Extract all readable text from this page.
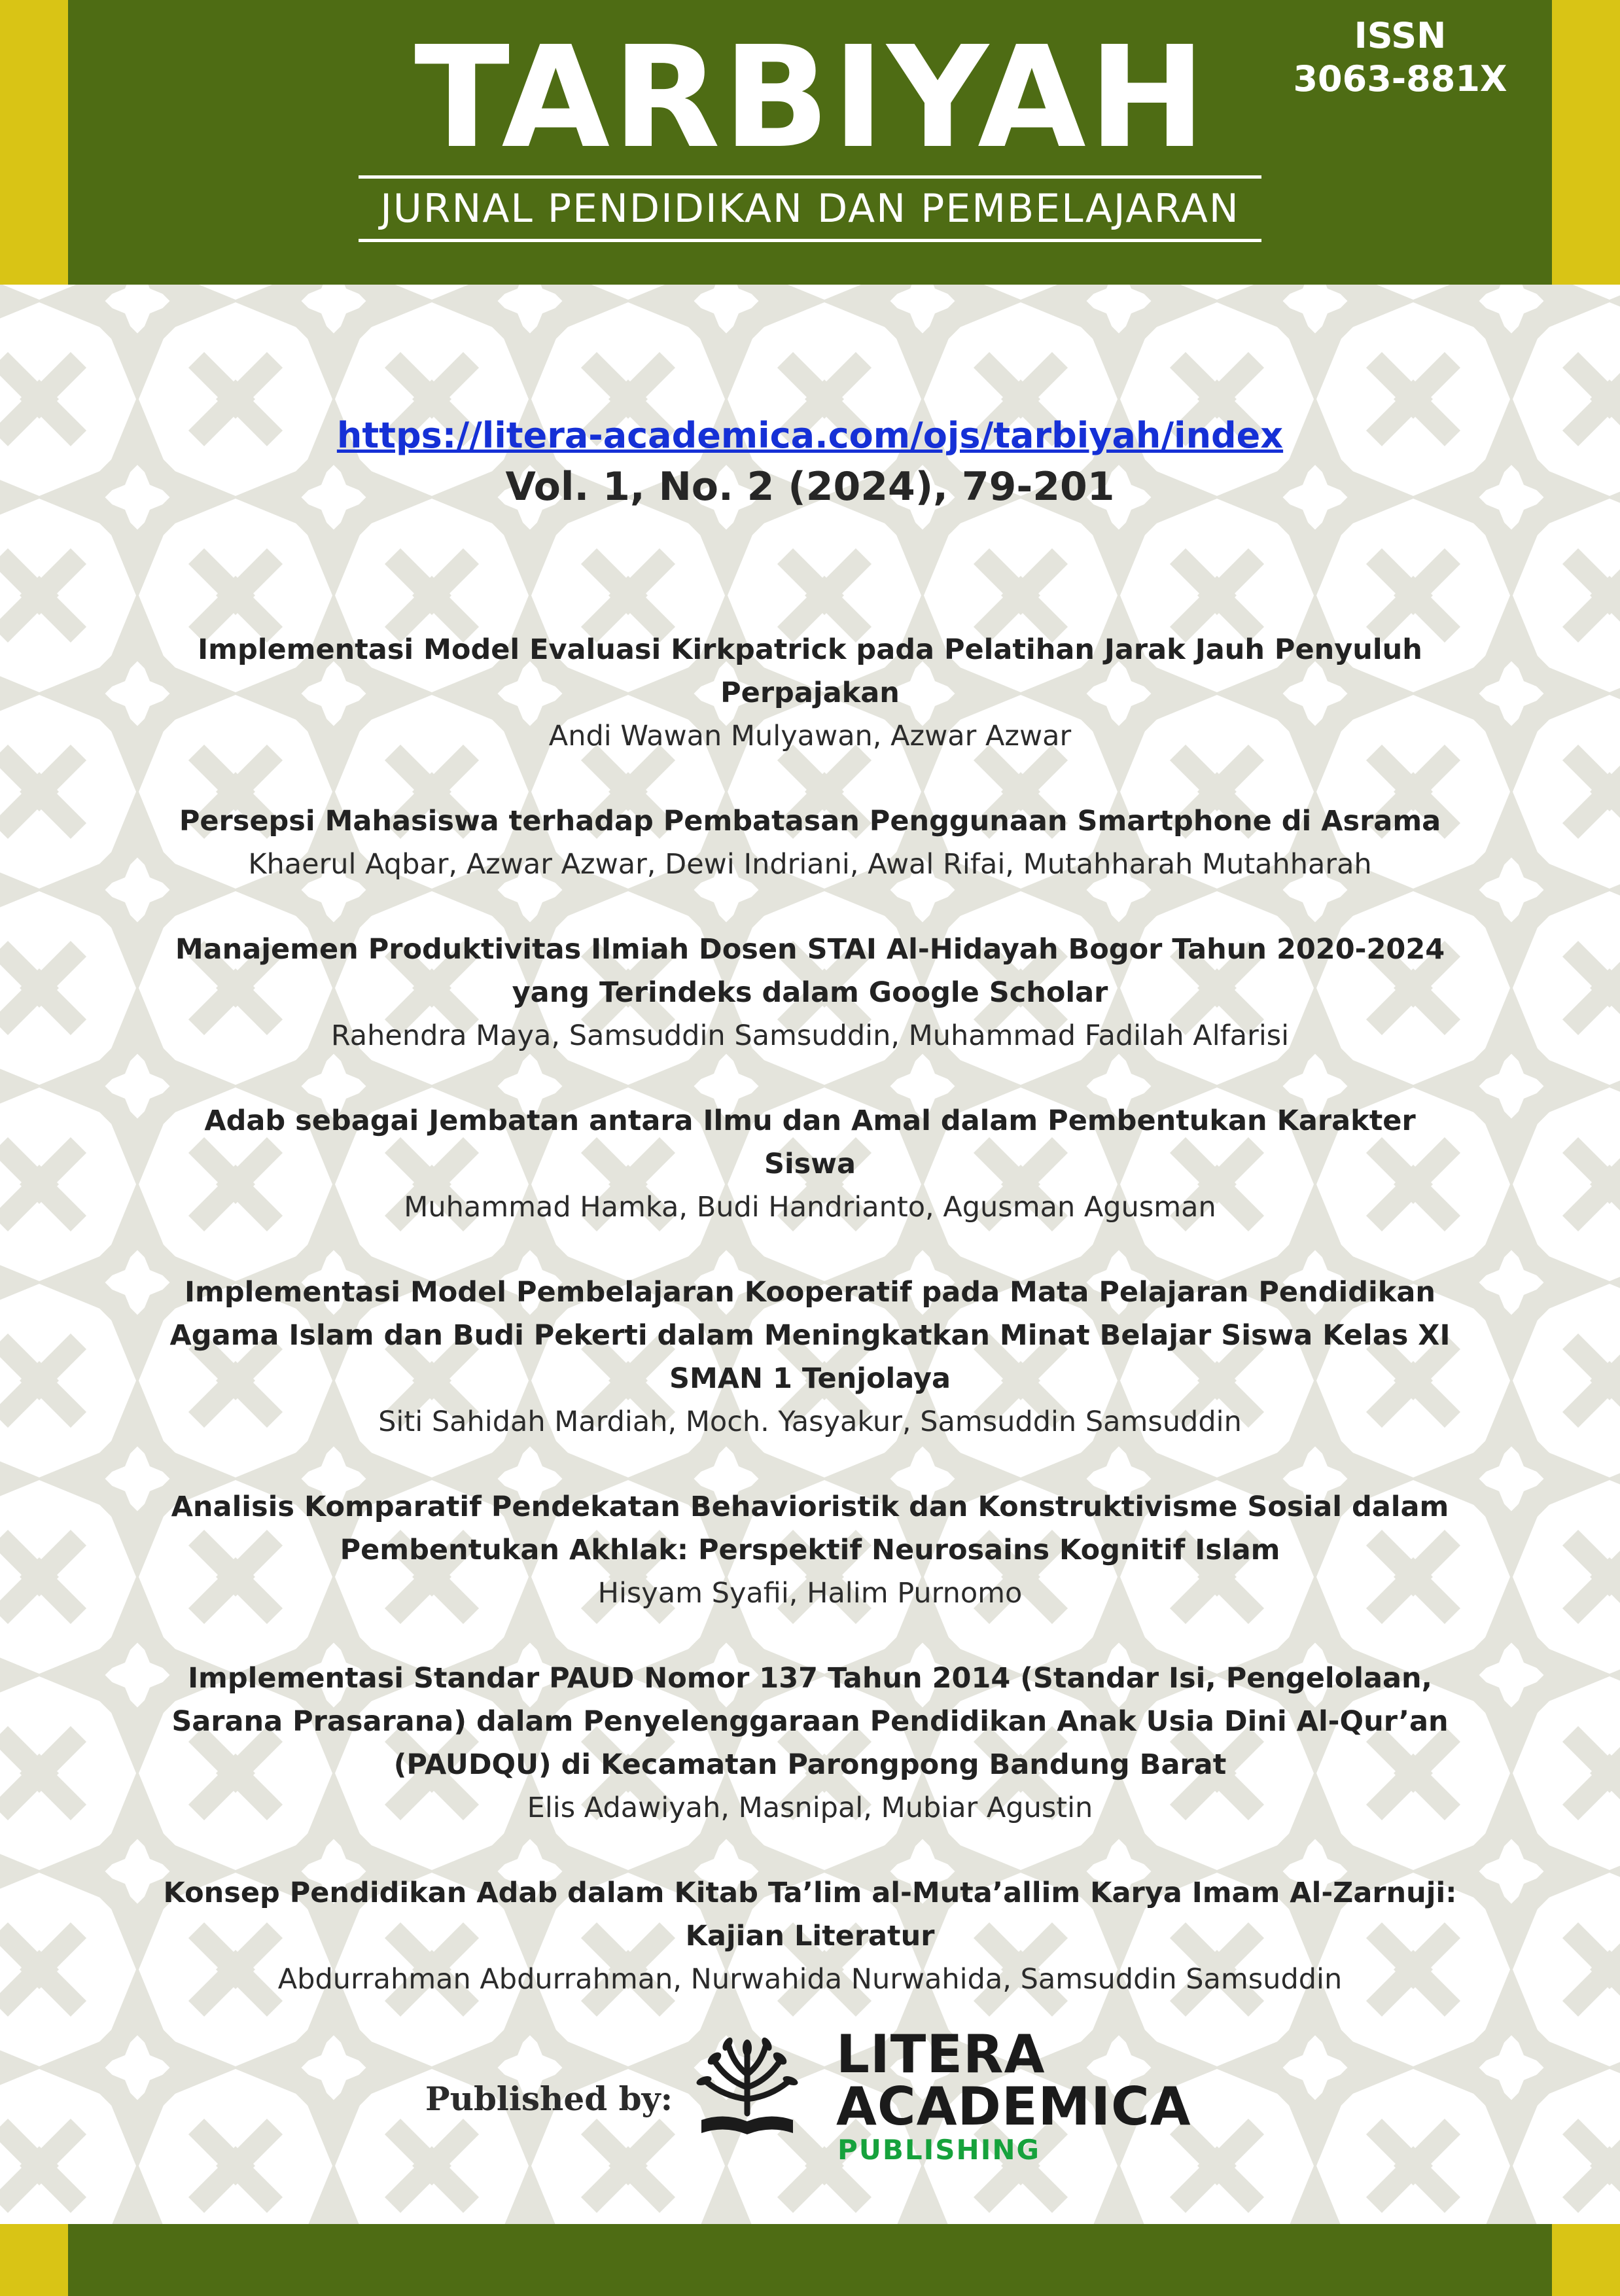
TARBIYAH
JURNAL PENDIDIKAN DAN PEMBELAJARAN
ISSN
3063-881X
https://litera-academica.com/ojs/tarbiyah/index
Vol. 1, No. 2 (2024), 79-201
Implementasi Model Evaluasi Kirkpatrick pada Pelatihan Jarak Jauh Penyuluh Perpajakan
Andi Wawan Mulyawan, Azwar Azwar
Persepsi Mahasiswa terhadap Pembatasan Penggunaan Smartphone di Asrama
Khaerul Aqbar, Azwar Azwar, Dewi Indriani, Awal Rifai, Mutahharah Mutahharah
Manajemen Produktivitas Ilmiah Dosen STAI Al-Hidayah Bogor Tahun 2020-2024 yang Terindeks dalam Google Scholar
Rahendra Maya, Samsuddin Samsuddin, Muhammad Fadilah Alfarisi
Adab sebagai Jembatan antara Ilmu dan Amal dalam Pembentukan Karakter Siswa
Muhammad Hamka, Budi Handrianto, Agusman Agusman
Implementasi Model Pembelajaran Kooperatif pada Mata Pelajaran Pendidikan Agama Islam dan Budi Pekerti dalam Meningkatkan Minat Belajar Siswa Kelas XI SMAN 1 Tenjolaya
Siti Sahidah Mardiah, Moch. Yasyakur, Samsuddin Samsuddin
Analisis Komparatif Pendekatan Behavioristik dan Konstruktivisme Sosial dalam Pembentukan Akhlak: Perspektif Neurosains Kognitif Islam
Hisyam Syafii, Halim Purnomo
Implementasi Standar PAUD Nomor 137 Tahun 2014 (Standar Isi, Pengelolaan, Sarana Prasarana) dalam Penyelenggaraan Pendidikan Anak Usia Dini Al-Qur’an (PAUDQU) di Kecamatan Parongpong Bandung Barat
Elis Adawiyah, Masnipal, Mubiar Agustin
Konsep Pendidikan Adab dalam Kitab Ta’lim al-Muta’allim Karya Imam Al-Zarnuji: Kajian Literatur
Abdurrahman Abdurrahman, Nurwahida Nurwahida, Samsuddin Samsuddin
Published by:
LITERA
ACADEMICA
PUBLISHING
